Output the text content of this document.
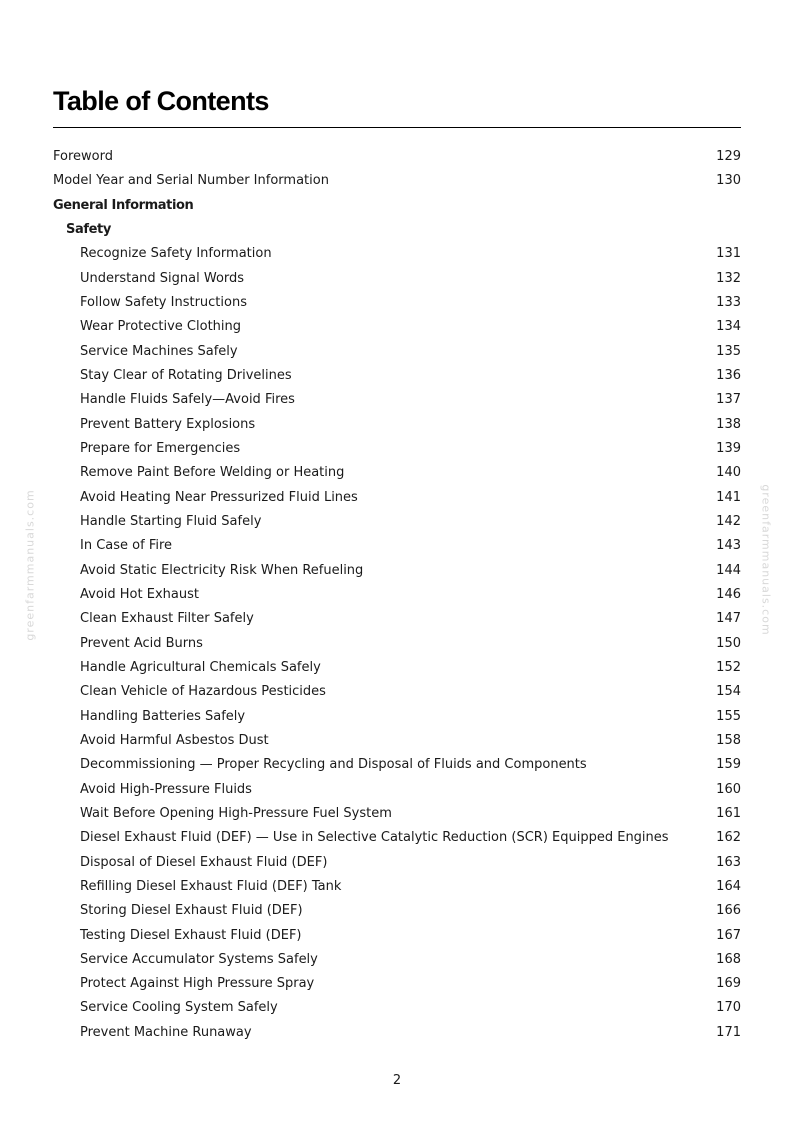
Table of Contents
Foreword	129
Model Year and Serial Number Information	130
General Information
Safety
Recognize Safety Information	131
Understand Signal Words	132
Follow Safety Instructions	133
Wear Protective Clothing	134
Service Machines Safely	135
Stay Clear of Rotating Drivelines	136
Handle Fluids Safely—Avoid Fires	137
Prevent Battery Explosions	138
Prepare for Emergencies	139
Remove Paint Before Welding or Heating	140
Avoid Heating Near Pressurized Fluid Lines	141
Handle Starting Fluid Safely	142
In Case of Fire	143
Avoid Static Electricity Risk When Refueling	144
Avoid Hot Exhaust	146
Clean Exhaust Filter Safely	147
Prevent Acid Burns	150
Handle Agricultural Chemicals Safely	152
Clean Vehicle of Hazardous Pesticides	154
Handling Batteries Safely	155
Avoid Harmful Asbestos Dust	158
Decommissioning — Proper Recycling and Disposal of Fluids and Components	159
Avoid High-Pressure Fluids	160
Wait Before Opening High-Pressure Fuel System	161
Diesel Exhaust Fluid (DEF) — Use in Selective Catalytic Reduction (SCR) Equipped Engines	162
Disposal of Diesel Exhaust Fluid (DEF)	163
Refilling Diesel Exhaust Fluid (DEF) Tank	164
Storing Diesel Exhaust Fluid (DEF)	166
Testing Diesel Exhaust Fluid (DEF)	167
Service Accumulator Systems Safely	168
Protect Against High Pressure Spray	169
Service Cooling System Safely	170
Prevent Machine Runaway	171
greenfarmmanuals.com	greenfarmmanuals.com
2
